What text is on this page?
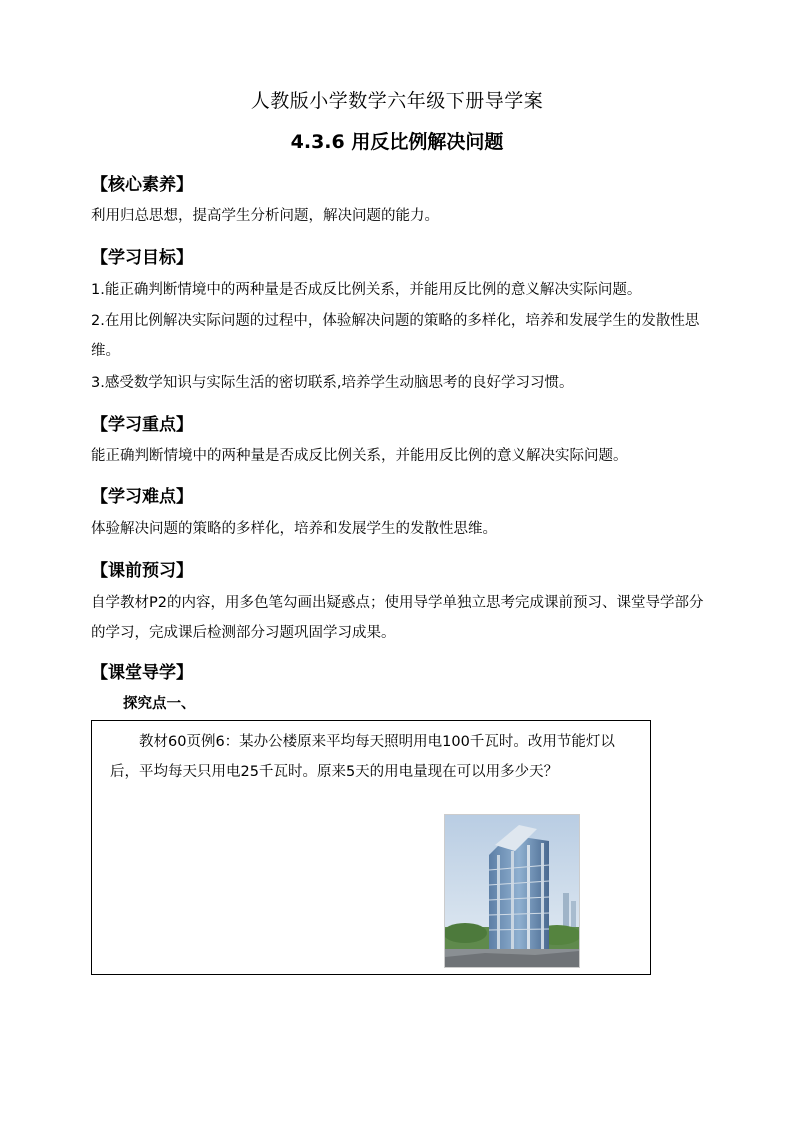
人教版小学数学六年级下册导学案
4.3.6 用反比例解决问题
【核心素养】
利用归总思想，提高学生分析问题，解决问题的能力。
【学习目标】
1.能正确判断情境中的两种量是否成反比例关系，并能用反比例的意义解决实际问题。
2.在用比例解决实际问题的过程中，体验解决问题的策略的多样化，培养和发展学生的发散性思维。
3.感受数学知识与实际生活的密切联系,培养学生动脑思考的良好学习习惯。
【学习重点】
能正确判断情境中的两种量是否成反比例关系，并能用反比例的意义解决实际问题。
【学习难点】
体验解决问题的策略的多样化，培养和发展学生的发散性思维。
【课前预习】
自学教材P2的内容，用多色笔勾画出疑惑点；使用导学单独立思考完成课前预习、课堂导学部分的学习，完成课后检测部分习题巩固学习成果。
【课堂导学】
探究点一、
教材60页例6：某办公楼原来平均每天照明用电100千瓦时。改用节能灯以后，平均每天只用电25千瓦时。原来5天的用电量现在可以用多少天？
